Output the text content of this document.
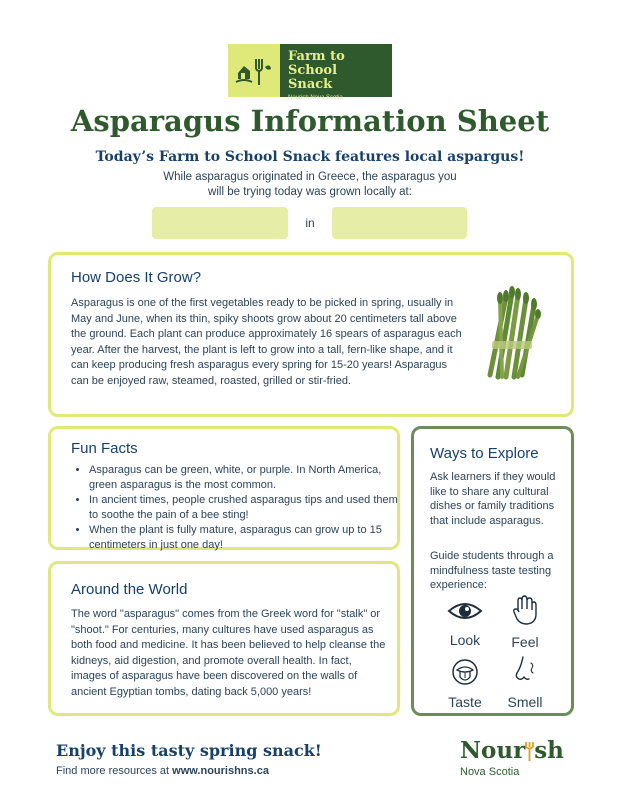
Farm to
School Snack
Nourish Nova Scotia
Asparagus Information Sheet
Today’s Farm to School Snack features local aspargus!
While asparagus originated in Greece, the asparagus you will be trying today was grown locally at:
in
How Does It Grow?
Asparagus is one of the first vegetables ready to be picked in spring, usually in May and June, when its thin, spiky shoots grow about 20 centimeters tall above the ground. Each plant can produce approximately 16 spears of asparagus each year. After the harvest, the plant is left to grow into a tall, fern-like shape, and it can keep producing fresh asparagus every spring for 15-20 years! Asparagus can be enjoyed raw, steamed, roasted, grilled or stir-fried.
Fun Facts
• Asparagus can be green, white, or purple. In North America, green asparagus is the most common.
• In ancient times, people crushed asparagus tips and used them to soothe the pain of a bee sting!
• When the plant is fully mature, asparagus can grow up to 15 centimeters in just one day!
Around the World
The word "asparagus" comes from the Greek word for "stalk" or "shoot." For centuries, many cultures have used asparagus as both food and medicine. It has been believed to help cleanse the kidneys, aid digestion, and promote overall health. In fact, images of asparagus have been discovered on the walls of ancient Egyptian tombs, dating back 5,000 years!
Ways to Explore
Ask learners if they would like to share any cultural dishes or family traditions that include asparagus.
Guide students through a mindfulness taste testing experience:
Look	Feel
Taste	Smell
Enjoy this tasty spring snack!
Find more resources at www.nourishns.ca
Nour sh
Nova Scotia
